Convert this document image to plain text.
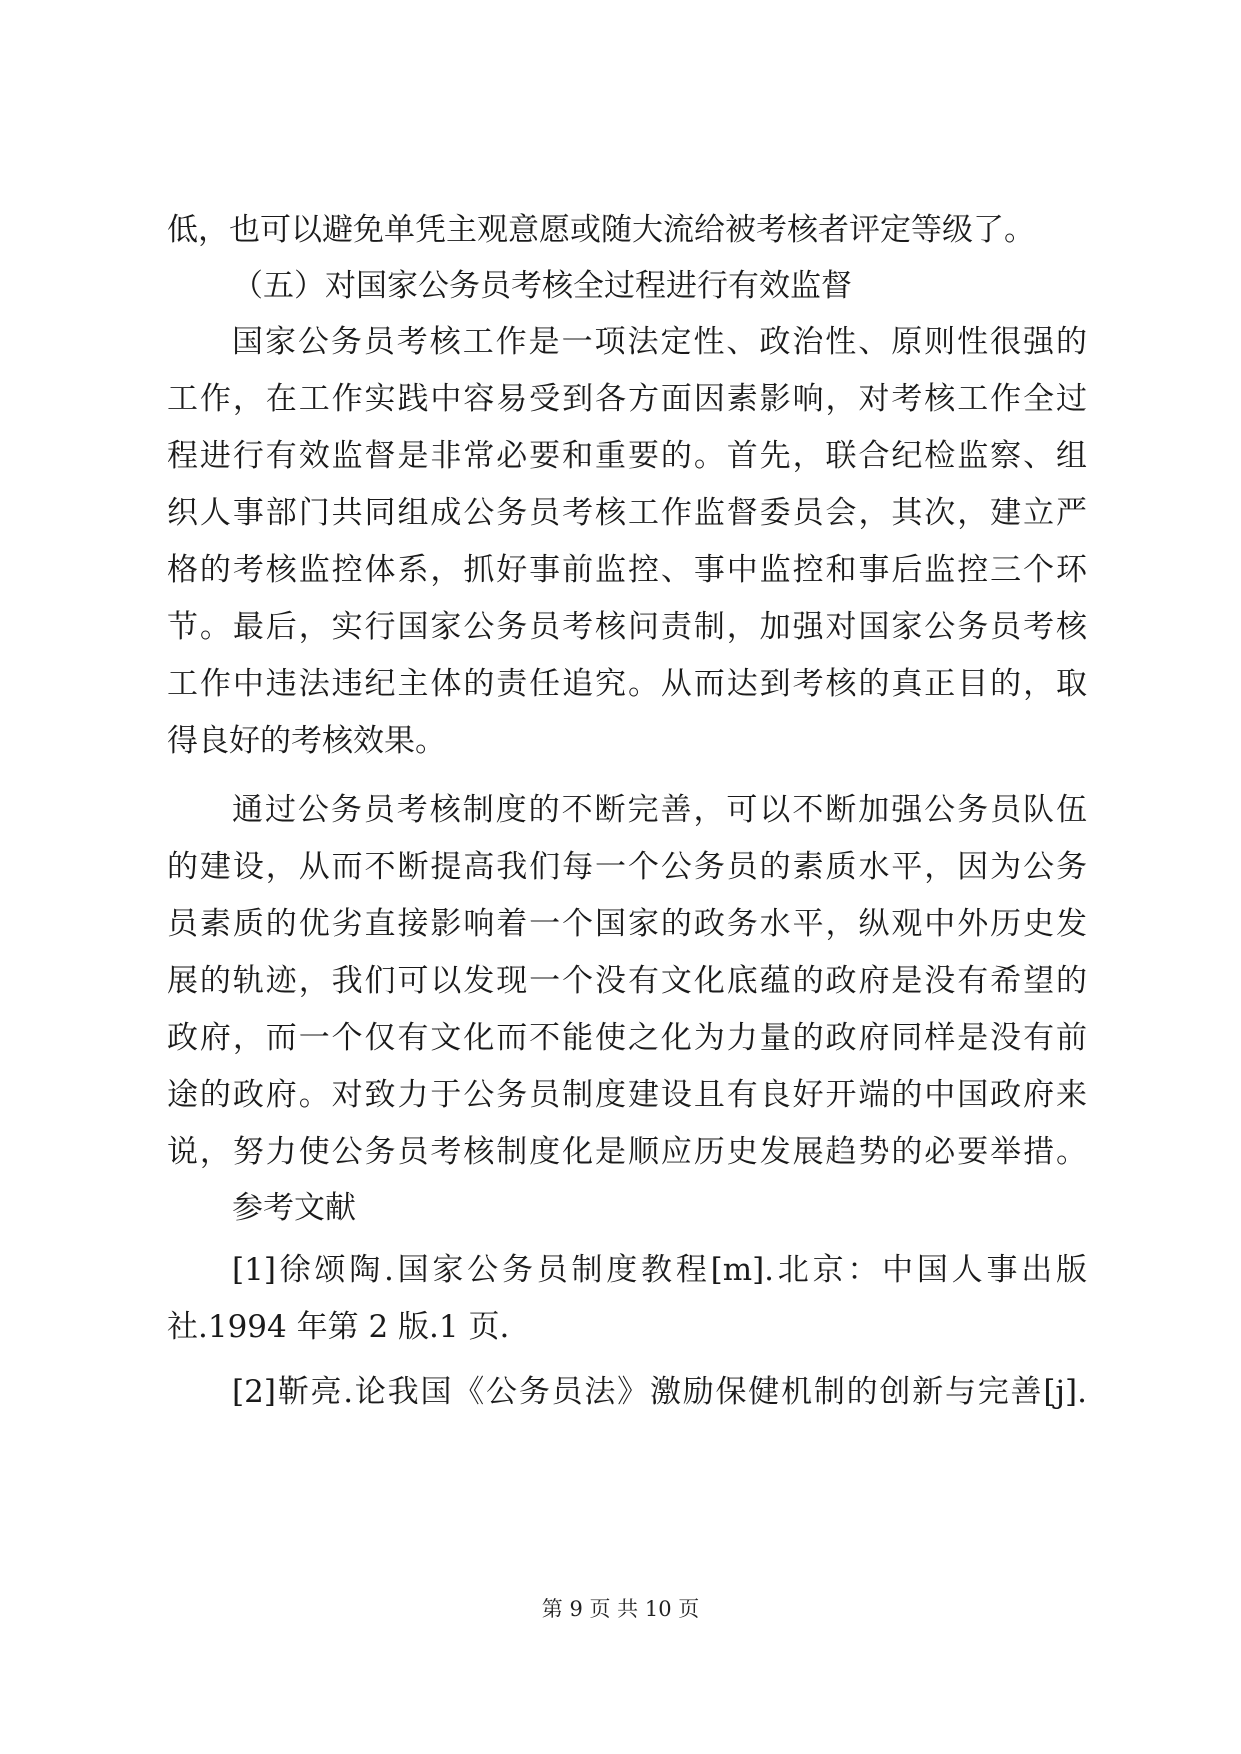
低，也可以避免单凭主观意愿或随大流给被考核者评定等级了。
（五）对国家公务员考核全过程进行有效监督
国家公务员考核工作是一项法定性、政治性、原则性很强的
工作，在工作实践中容易受到各方面因素影响，对考核工作全过
程进行有效监督是非常必要和重要的。首先，联合纪检监察、组
织人事部门共同组成公务员考核工作监督委员会，其次，建立严
格的考核监控体系，抓好事前监控、事中监控和事后监控三个环
节。最后，实行国家公务员考核问责制，加强对国家公务员考核
工作中违法违纪主体的责任追究。从而达到考核的真正目的，取
得良好的考核效果。
通过公务员考核制度的不断完善，可以不断加强公务员队伍
的建设，从而不断提高我们每一个公务员的素质水平，因为公务
员素质的优劣直接影响着一个国家的政务水平，纵观中外历史发
展的轨迹，我们可以发现一个没有文化底蕴的政府是没有希望的
政府，而一个仅有文化而不能使之化为力量的政府同样是没有前
途的政府。对致力于公务员制度建设且有良好开端的中国政府来
说，努力使公务员考核制度化是顺应历史发展趋势的必要举措。
参考文献
[1]徐颂陶.国家公务员制度教程[m].北京：中国人事出版
社.1994 年第 2 版.1 页.
[2]靳亮.论我国《公务员法》激励保健机制的创新与完善[j].
第 9 页 共 10 页
